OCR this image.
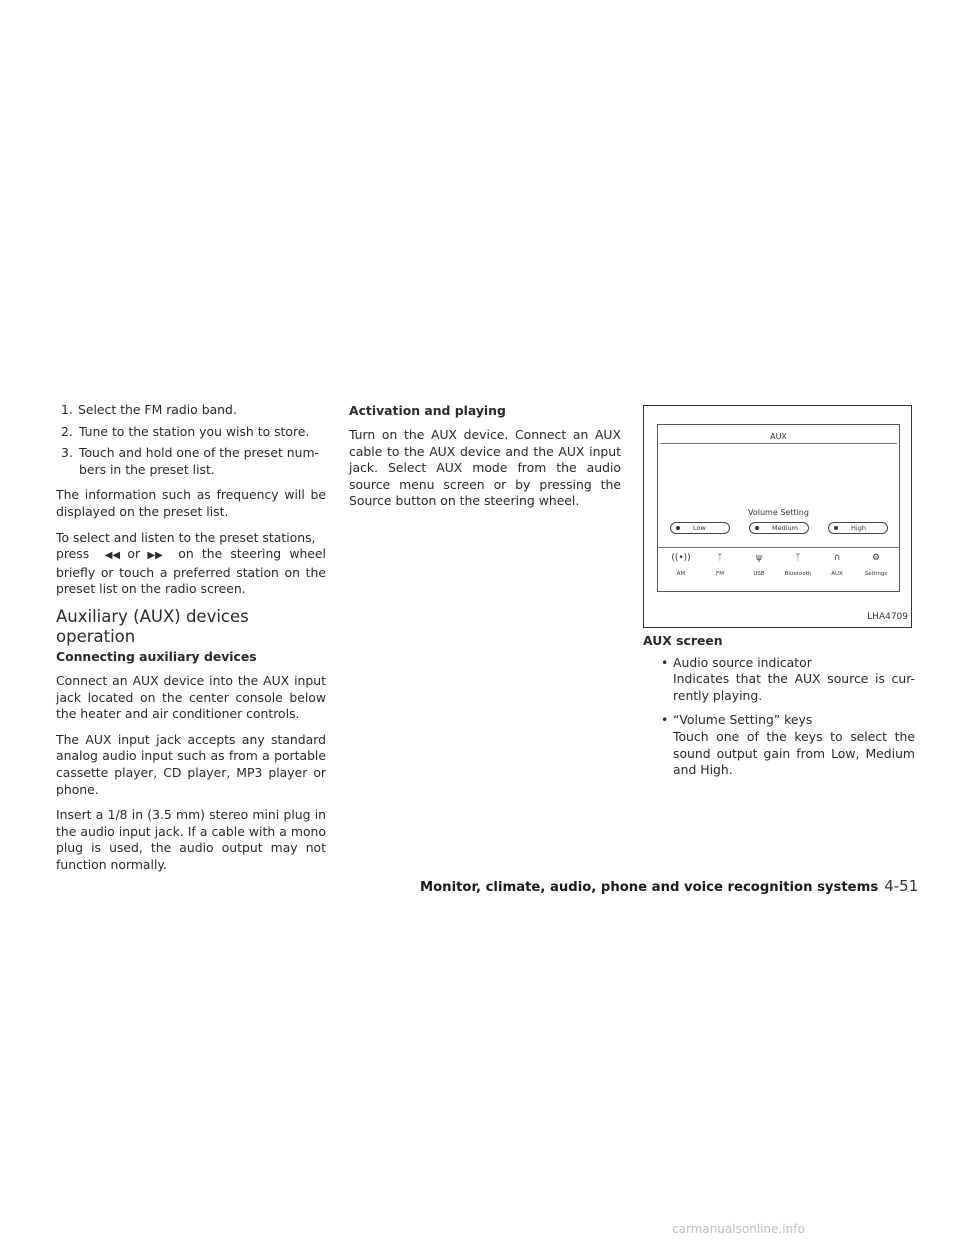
1. Select the FM radio band.
2. Tune to the station you wish to store.
3. Touch and hold one of the preset num-bers in the preset list.

The information such as frequency will be displayed on the preset list.

To select and listen to the preset stations,
press ◀◀ or ▶▶ on the steering wheel briefly or touch a preferred station on the preset list on the radio screen.

Auxiliary (AUX) devices operation
Connecting auxiliary devices

Connect an AUX device into the AUX input jack located on the center console below the heater and air conditioner controls.

The AUX input jack accepts any standard analog audio input such as from a portable cassette player, CD player, MP3 player or phone.

Insert a 1/8 in (3.5 mm) stereo mini plug in the audio input jack. If a cable with a mono plug is used, the audio output may not function normally.

Activation and playing

Turn on the AUX device. Connect an AUX cable to the AUX device and the AUX input jack. Select AUX mode from the audio source menu screen or by pressing the Source button on the steering wheel.

AUX
Volume Setting
Low	Medium	High
((•))
AM
ᛉ
FM
ψ
USB
ᛉ
Bluetooth
∩
AUX
⚙
Settings
LHA4709
AUX screen
• Audio source indicator
Indicates that the AUX source is cur-rently playing.
• “Volume Setting” keys
Touch one of the keys to select the sound output gain from Low, Medium and High.
Monitor, climate, audio, phone and voice recognition systems 4-51
carmanualsonline.info
